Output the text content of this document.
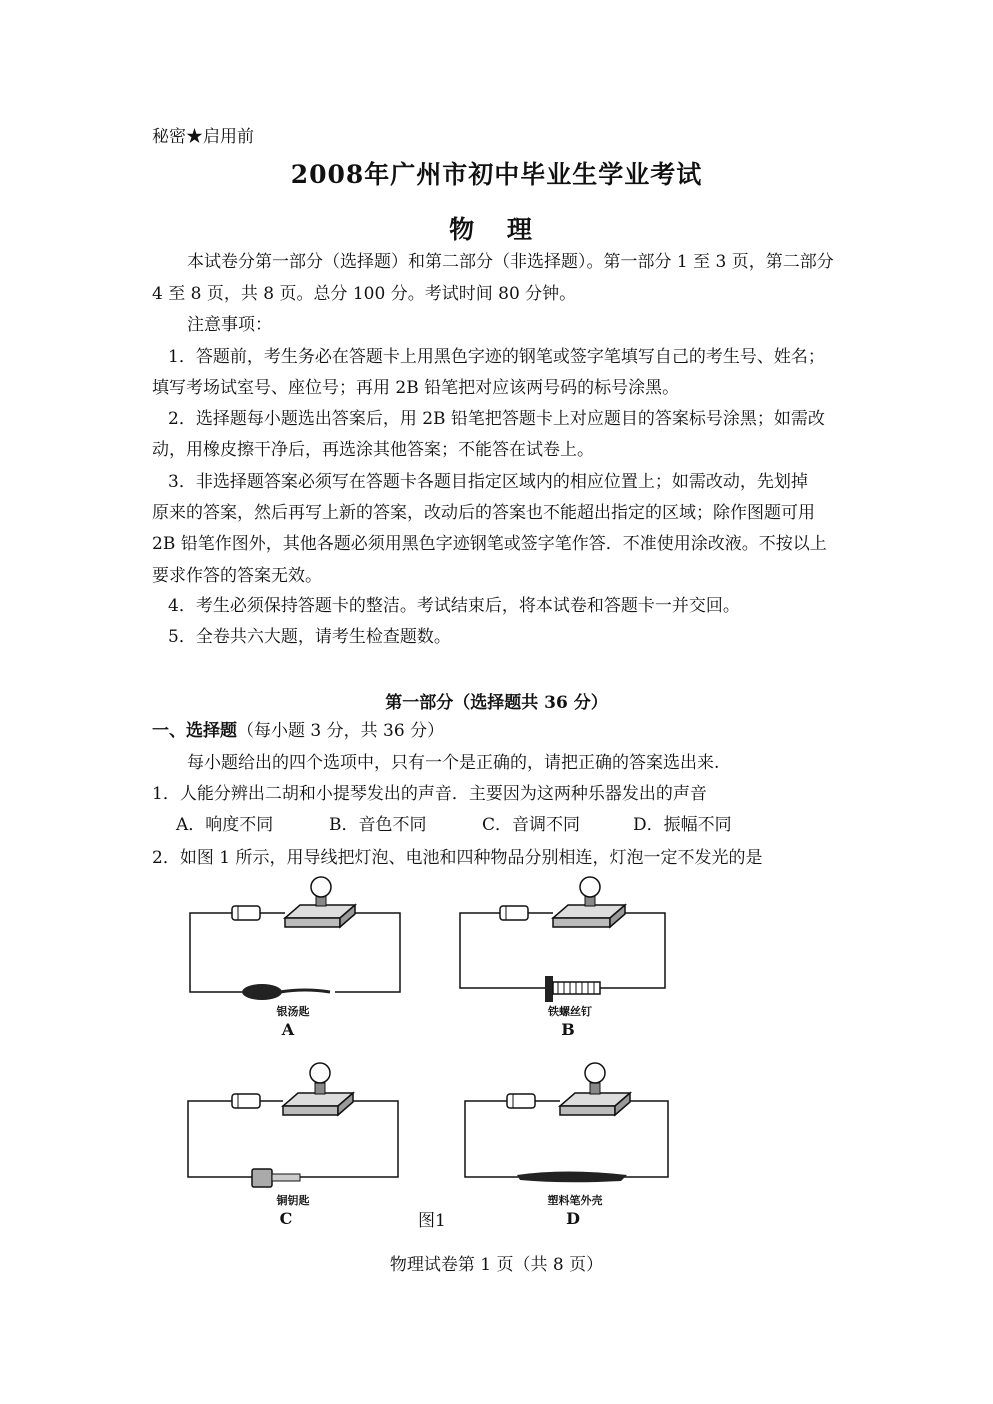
秘密★启用前
2008年广州市初中毕业生学业考试
物 理
本试卷分第一部分（选择题）和第二部分（非选择题）。第一部分 1 至 3 页，第二部分
4 至 8 页，共 8 页。总分 100 分。考试时间 80 分钟。
注意事项：
1．答题前，考生务必在答题卡上用黑色字迹的钢笔或签字笔填写自己的考生号、姓名；
填写考场试室号、座位号；再用 2B 铅笔把对应该两号码的标号涂黑。
2．选择题每小题选出答案后，用 2B 铅笔把答题卡上对应题目的答案标号涂黑；如需改
动，用橡皮擦干净后，再选涂其他答案；不能答在试卷上。
3．非选择题答案必须写在答题卡各题目指定区域内的相应位置上；如需改动，先划掉
原来的答案，然后再写上新的答案，改动后的答案也不能超出指定的区域；除作图题可用
2B 铅笔作图外，其他各题必须用黑色字迹钢笔或签字笔作答．不准使用涂改液。不按以上
要求作答的答案无效。
4．考生必须保持答题卡的整洁。考试结束后，将本试卷和答题卡一并交回。
5．全卷共六大题，请考生检查题数。
第一部分（选择题共 36 分）
一、选择题（每小题 3 分，共 36 分）
每小题给出的四个选项中，只有一个是正确的，请把正确的答案选出来.
1．人能分辨出二胡和小提琴发出的声音．主要因为这两种乐器发出的声音
A．响度不同	B．音色不同	C．音调不同	D．振幅不同
2．如图 1 所示，用导线把灯泡、电池和四种物品分别相连，灯泡一定不发光的是
银汤匙
A
铁螺丝钉
B
铜钥匙
C
塑料笔外壳
D
图1
物理试卷第 1 页（共 8 页）
